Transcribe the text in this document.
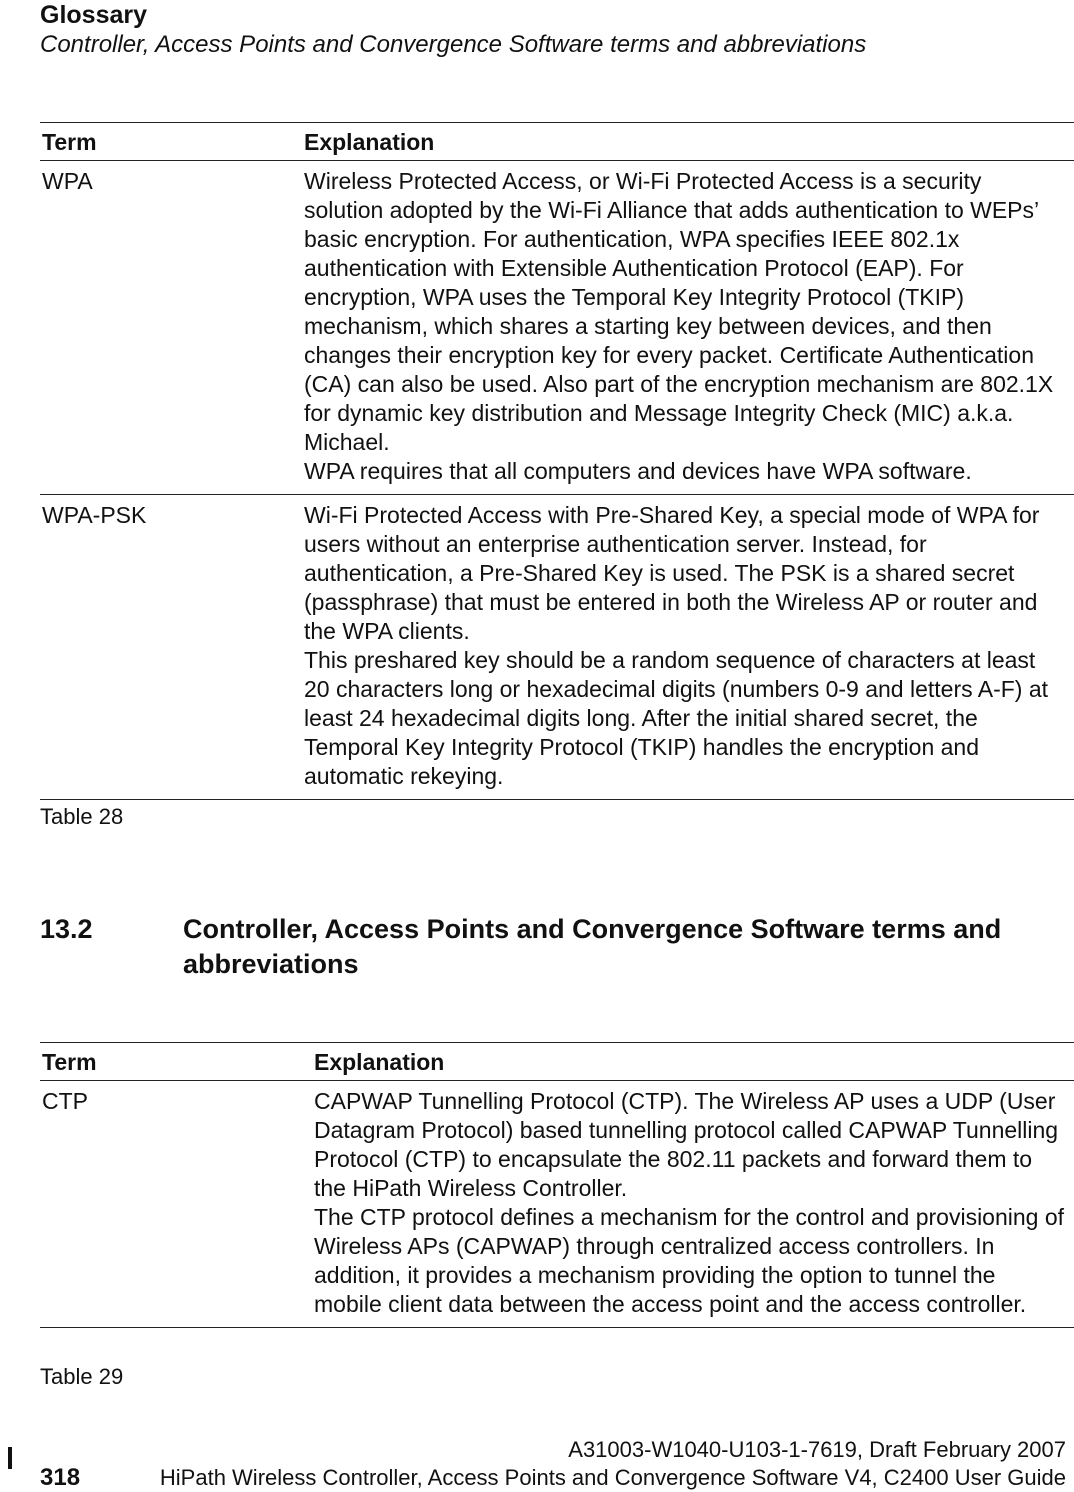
Glossary
Controller, Access Points and Convergence Software terms and abbreviations
Term	Explanation
WPA	Wireless Protected Access, or Wi-Fi Protected Access is a security solution adopted by the Wi-Fi Alliance that adds authentication to WEPs’ basic encryption. For authentication, WPA specifies IEEE 802.1x authentication with Extensible Authentication Protocol (EAP). For encryption, WPA uses the Temporal Key Integrity Protocol (TKIP) mechanism, which shares a starting key between devices, and then changes their encryption key for every packet. Certificate Authentication (CA) can also be used. Also part of the encryption mechanism are 802.1X for dynamic key distribution and Message Integrity Check (MIC) a.k.a. Michael.

WPA requires that all computers and devices have WPA software.

WPA-PSK	Wi-Fi Protected Access with Pre-Shared Key, a special mode of WPA for users without an enterprise authentication server. Instead, for authentication, a Pre-Shared Key is used. The PSK is a shared secret (passphrase) that must be entered in both the Wireless AP or router and the WPA clients.

This preshared key should be a random sequence of characters at least 20 characters long or hexadecimal digits (numbers 0-9 and letters A-F) at least 24 hexadecimal digits long. After the initial shared secret, the Temporal Key Integrity Protocol (TKIP) handles the encryption and automatic rekeying.

Table 28
13.2	Controller, Access Points and Convergence Software terms and abbreviations
Term	Explanation
CTP	CAPWAP Tunnelling Protocol (CTP). The Wireless AP uses a UDP (User Datagram Protocol) based tunnelling protocol called CAPWAP Tunnelling Protocol (CTP) to encapsulate the 802.11 packets and forward them to the HiPath Wireless Controller.

The CTP protocol defines a mechanism for the control and provisioning of Wireless APs (CAPWAP) through centralized access controllers. In addition, it provides a mechanism providing the option to tunnel the mobile client data between the access point and the access controller.

Table 29
318
A31003-W1040-U103-1-7619, Draft February 2007
HiPath Wireless Controller, Access Points and Convergence Software V4, C2400 User Guide
